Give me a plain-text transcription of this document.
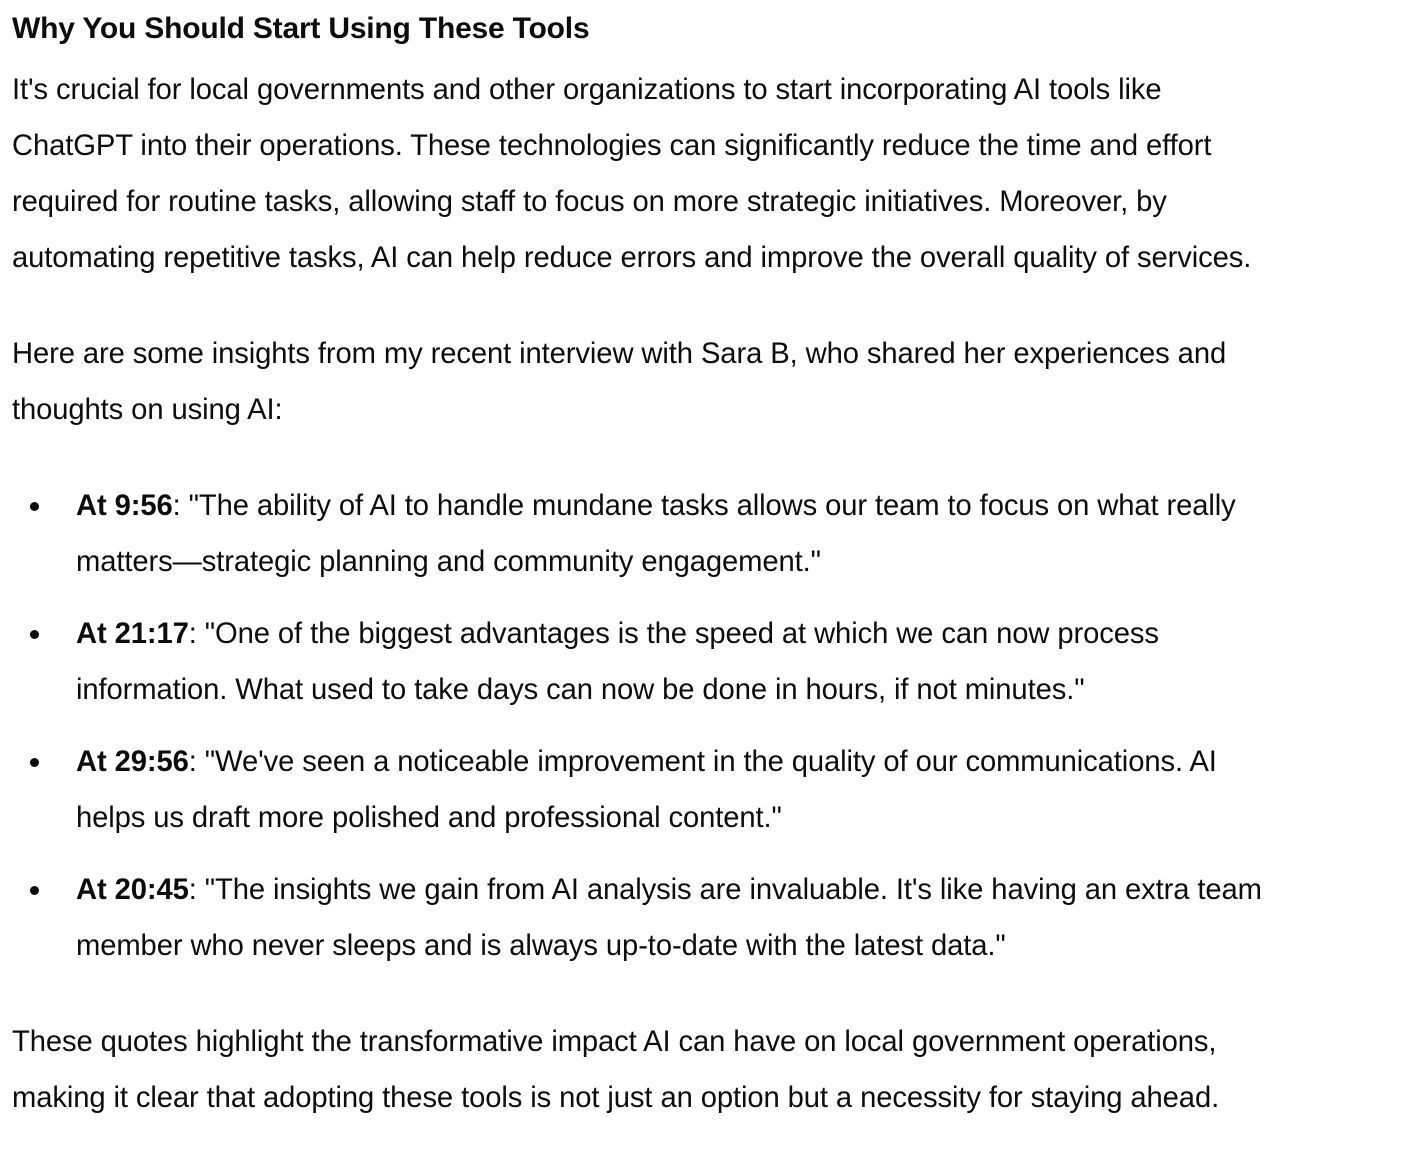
Why You Should Start Using These Tools

It's crucial for local governments and other organizations to start incorporating AI tools like
ChatGPT into their operations. These technologies can significantly reduce the time and effort
required for routine tasks, allowing staff to focus on more strategic initiatives. Moreover, by
automating repetitive tasks, AI can help reduce errors and improve the overall quality of services.

Here are some insights from my recent interview with Sara B, who shared her experiences and
thoughts on using AI:

At 9:56: "The ability of AI to handle mundane tasks allows our team to focus on what really
matters—strategic planning and community engagement."
At 21:17: "One of the biggest advantages is the speed at which we can now process
information. What used to take days can now be done in hours, if not minutes."
At 29:56: "We've seen a noticeable improvement in the quality of our communications. AI
helps us draft more polished and professional content."
At 20:45: "The insights we gain from AI analysis are invaluable. It's like having an extra team
member who never sleeps and is always up-to-date with the latest data."

These quotes highlight the transformative impact AI can have on local government operations,
making it clear that adopting these tools is not just an option but a necessity for staying ahead.
